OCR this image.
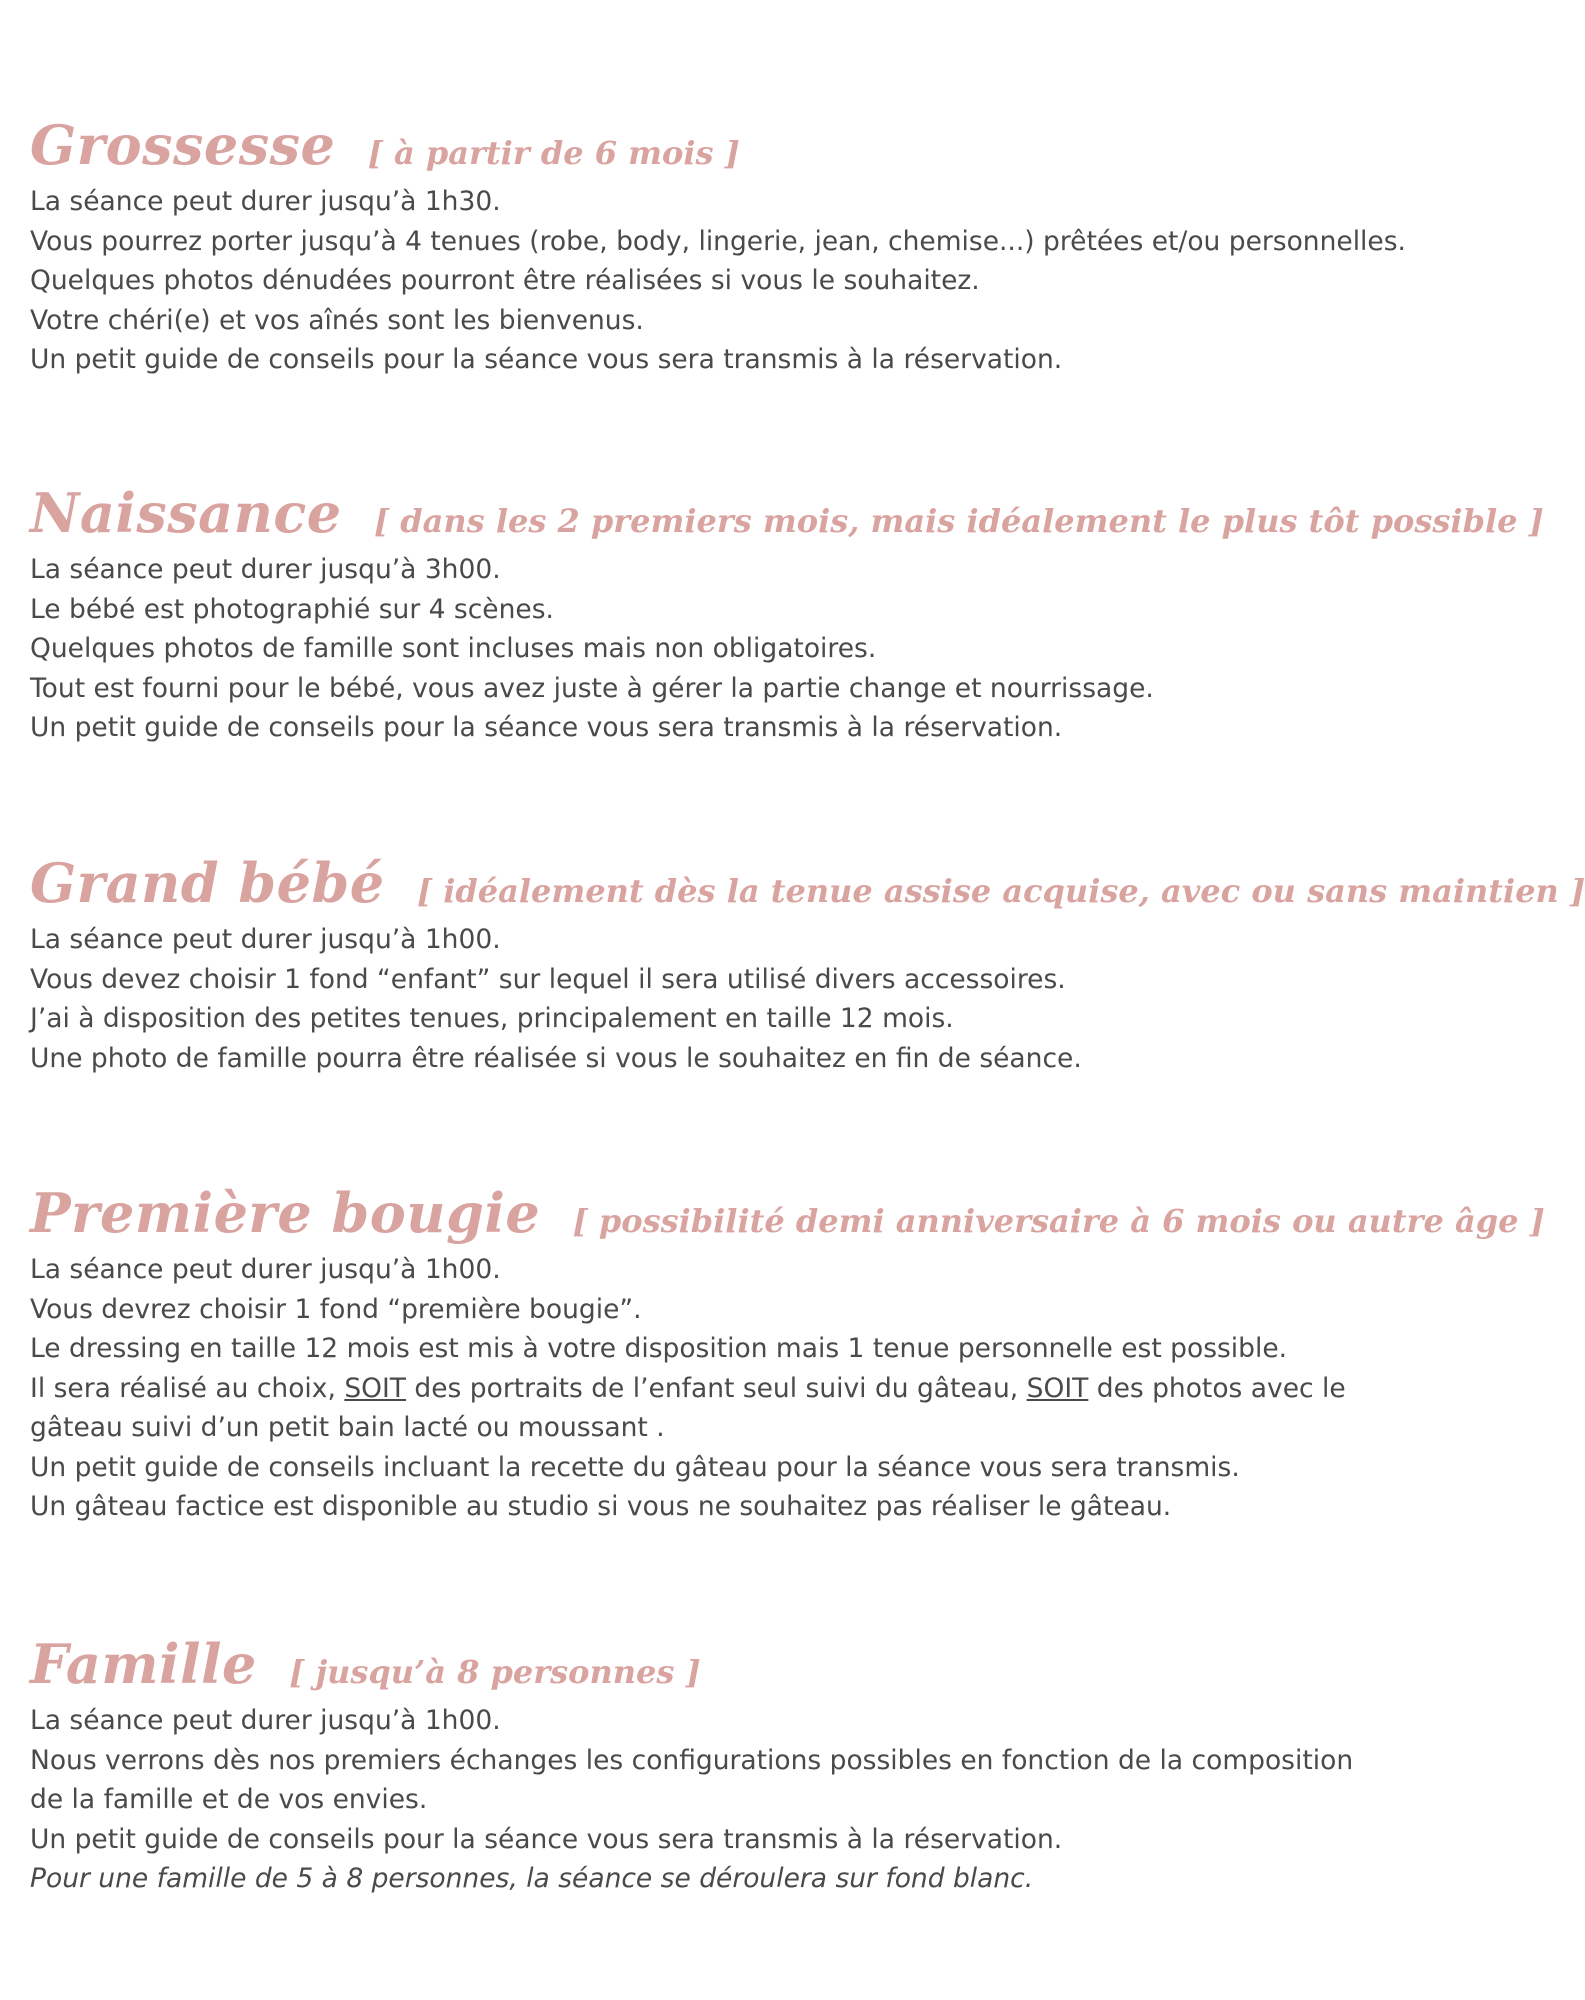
Grossesse [ à partir de 6 mois ]
La séance peut durer jusqu’à 1h30.
Vous pourrez porter jusqu’à 4 tenues (robe, body, lingerie, jean, chemise...) prêtées et/ou personnelles.
Quelques photos dénudées pourront être réalisées si vous le souhaitez.
Votre chéri(e) et vos aînés sont les bienvenus.
Un petit guide de conseils pour la séance vous sera transmis à la réservation.
Naissance [ dans les 2 premiers mois, mais idéalement le plus tôt possible ]
La séance peut durer jusqu’à 3h00.
Le bébé est photographié sur 4 scènes.
Quelques photos de famille sont incluses mais non obligatoires.
Tout est fourni pour le bébé, vous avez juste à gérer la partie change et nourrissage.
Un petit guide de conseils pour la séance vous sera transmis à la réservation.
Grand bébé [ idéalement dès la tenue assise acquise, avec ou sans maintien ]
La séance peut durer jusqu’à 1h00.
Vous devez choisir 1 fond “enfant” sur lequel il sera utilisé divers accessoires.
J’ai à disposition des petites tenues, principalement en taille 12 mois.
Une photo de famille pourra être réalisée si vous le souhaitez en fin de séance.
Première bougie [ possibilité demi anniversaire à 6 mois ou autre âge ]
La séance peut durer jusqu’à 1h00.
Vous devrez choisir 1 fond “première bougie”.
Le dressing en taille 12 mois est mis à votre disposition mais 1 tenue personnelle est possible.
Il sera réalisé au choix, SOIT des portraits de l’enfant seul suivi du gâteau, SOIT des photos avec le
gâteau suivi d’un petit bain lacté ou moussant .
Un petit guide de conseils incluant la recette du gâteau pour la séance vous sera transmis.
Un gâteau factice est disponible au studio si vous ne souhaitez pas réaliser le gâteau.
Famille [ jusqu’à 8 personnes ]
La séance peut durer jusqu’à 1h00.
Nous verrons dès nos premiers échanges les configurations possibles en fonction de la composition
de la famille et de vos envies.
Un petit guide de conseils pour la séance vous sera transmis à la réservation.
Pour une famille de 5 à 8 personnes, la séance se déroulera sur fond blanc.
